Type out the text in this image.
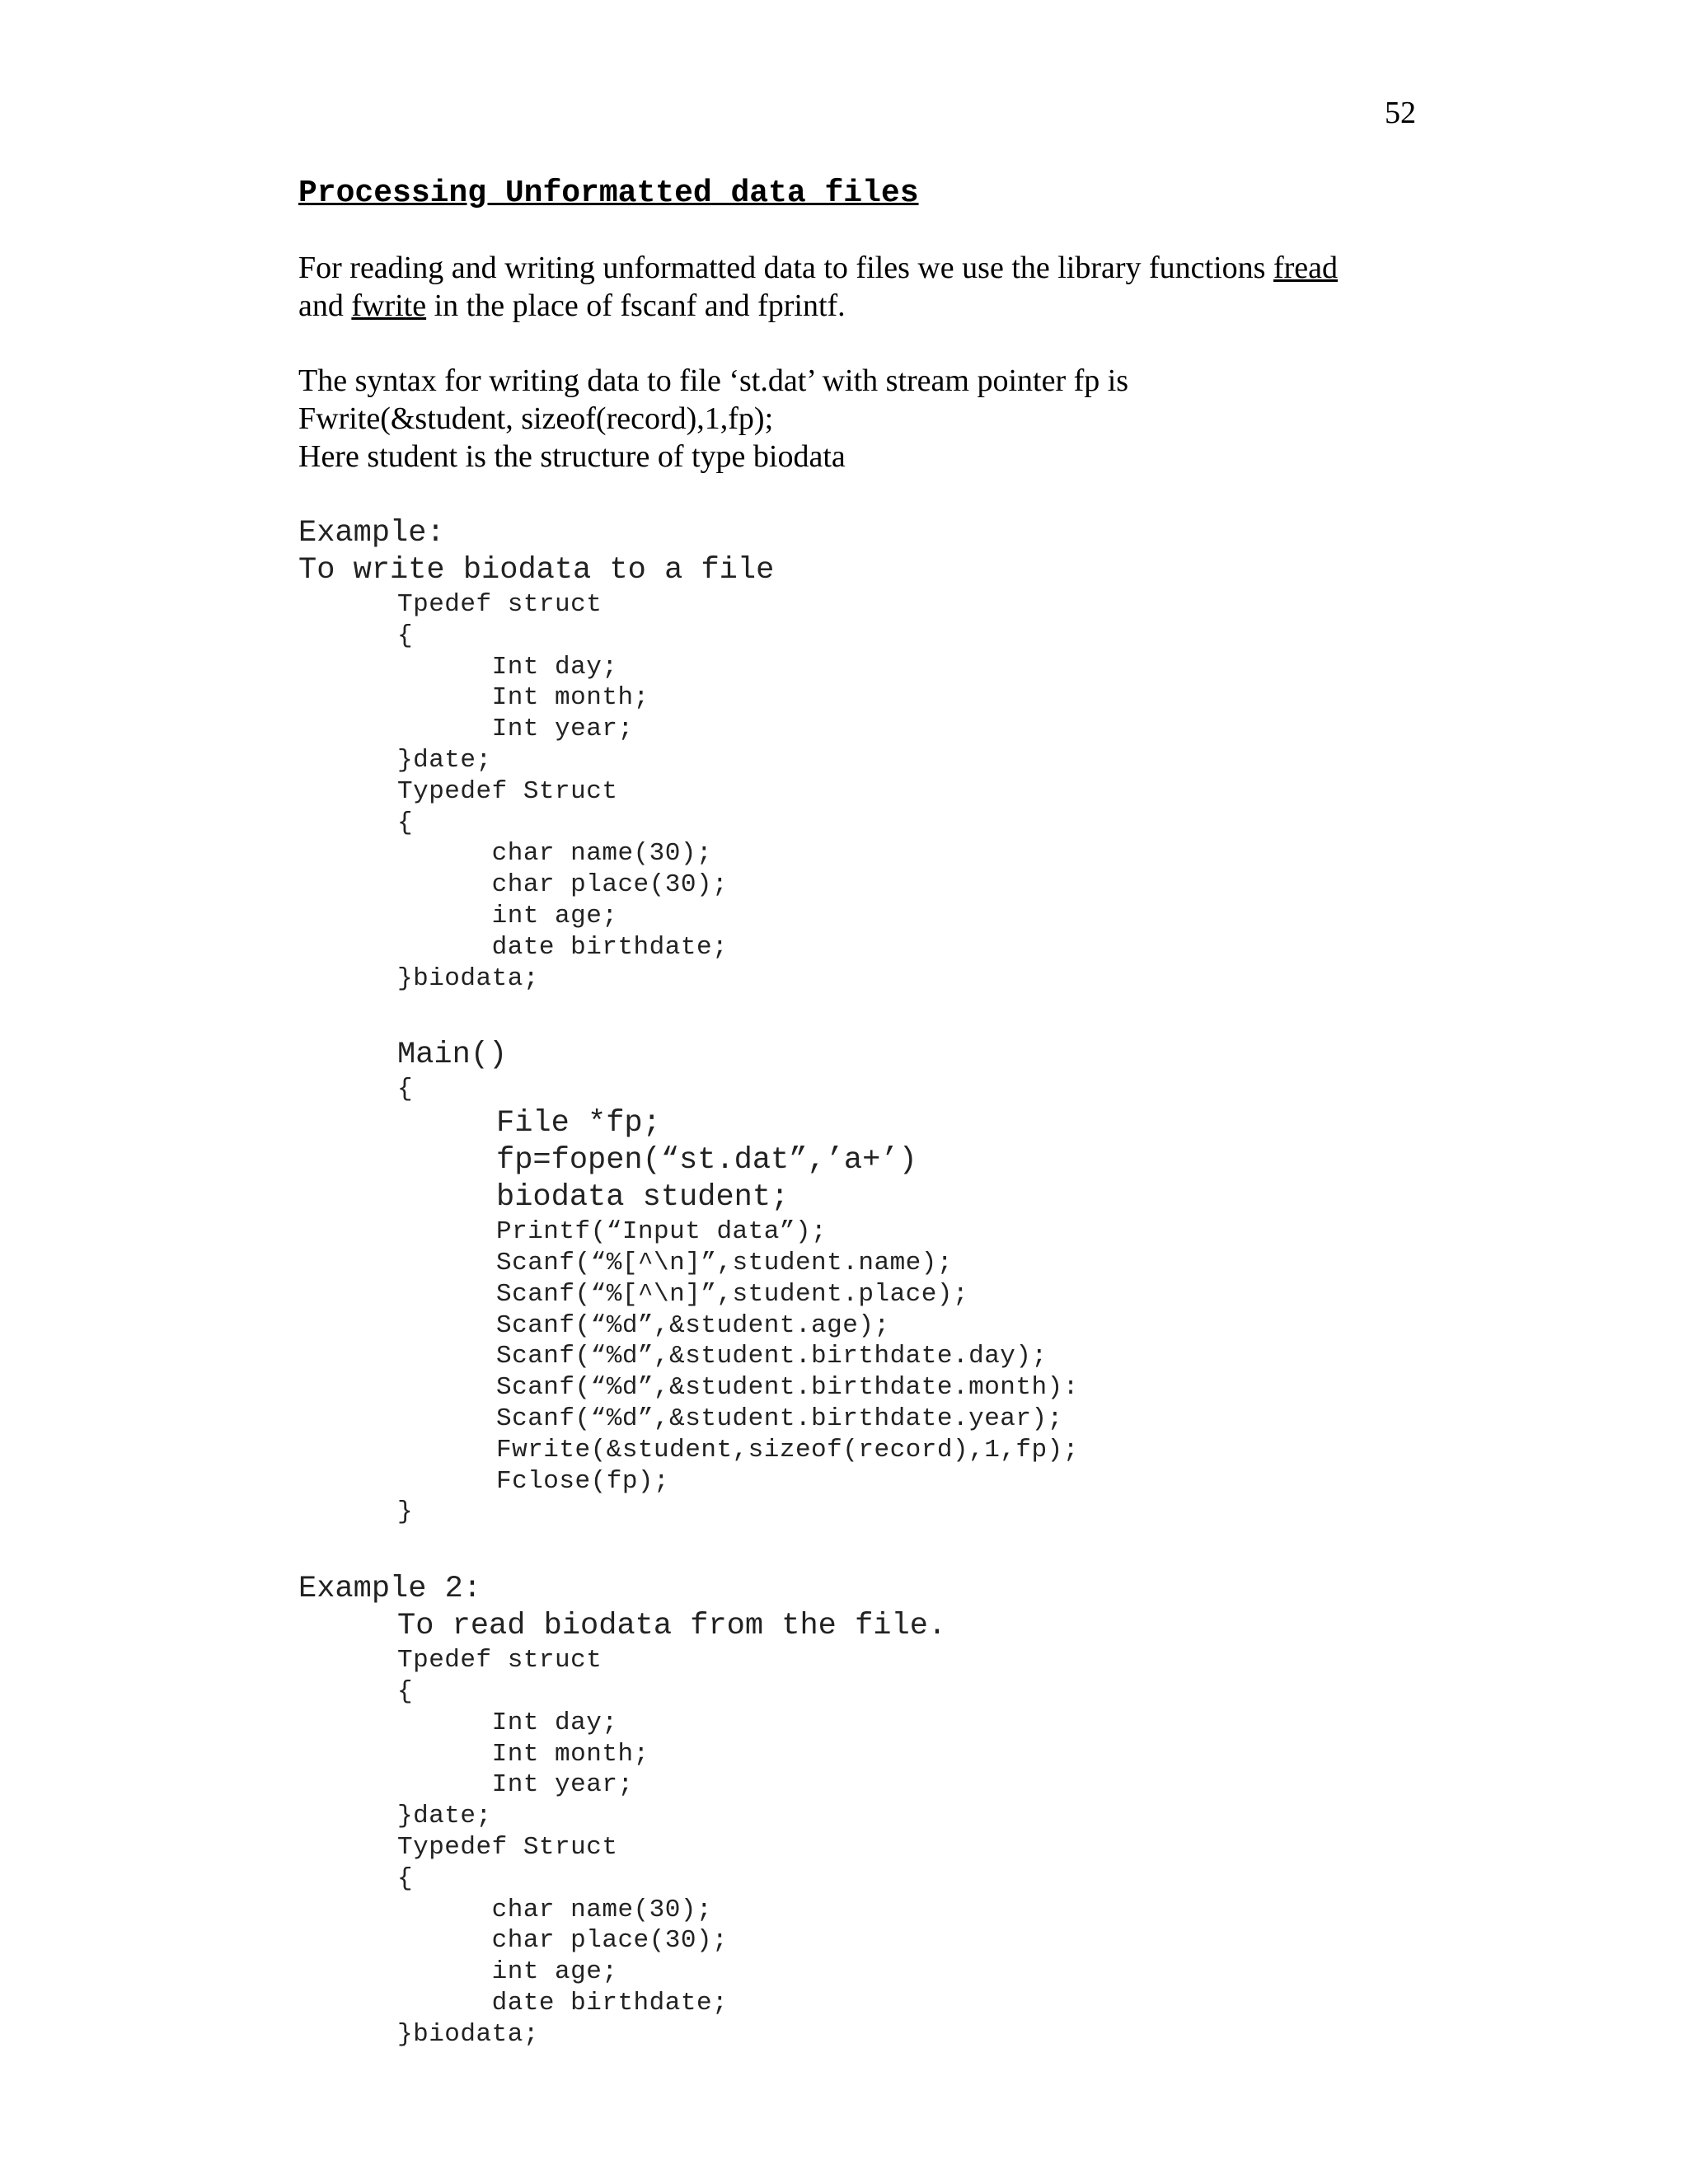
52
Processing Unformatted data files

For reading and writing unformatted data to files we use the library functions fread
and fwrite in the place of fscanf and fprintf.

The syntax for writing data to file ‘st.dat’ with stream pointer fp is
Fwrite(&student, sizeof(record),1,fp);
Here student is the structure of type biodata

Example:
To write biodata to a file
Tpedef struct
{
Int day;
Int month;
Int year;
}date;
Typedef Struct
{
char name(30);
char place(30);
int age;
date birthdate;
}biodata;
Main()
{
File *fp;
fp=fopen(“st.dat”,’a+’)
biodata student;
Printf(“Input data”);
Scanf(“%[^\n]”,student.name);
Scanf(“%[^\n]”,student.place);
Scanf(“%d”,&student.age);
Scanf(“%d”,&student.birthdate.day);
Scanf(“%d”,&student.birthdate.month):
Scanf(“%d”,&student.birthdate.year);
Fwrite(&student,sizeof(record),1,fp);
Fclose(fp);
}
Example 2:
To read biodata from the file.
Tpedef struct
{
Int day;
Int month;
Int year;
}date;
Typedef Struct
{
char name(30);
char place(30);
int age;
date birthdate;
}biodata;
